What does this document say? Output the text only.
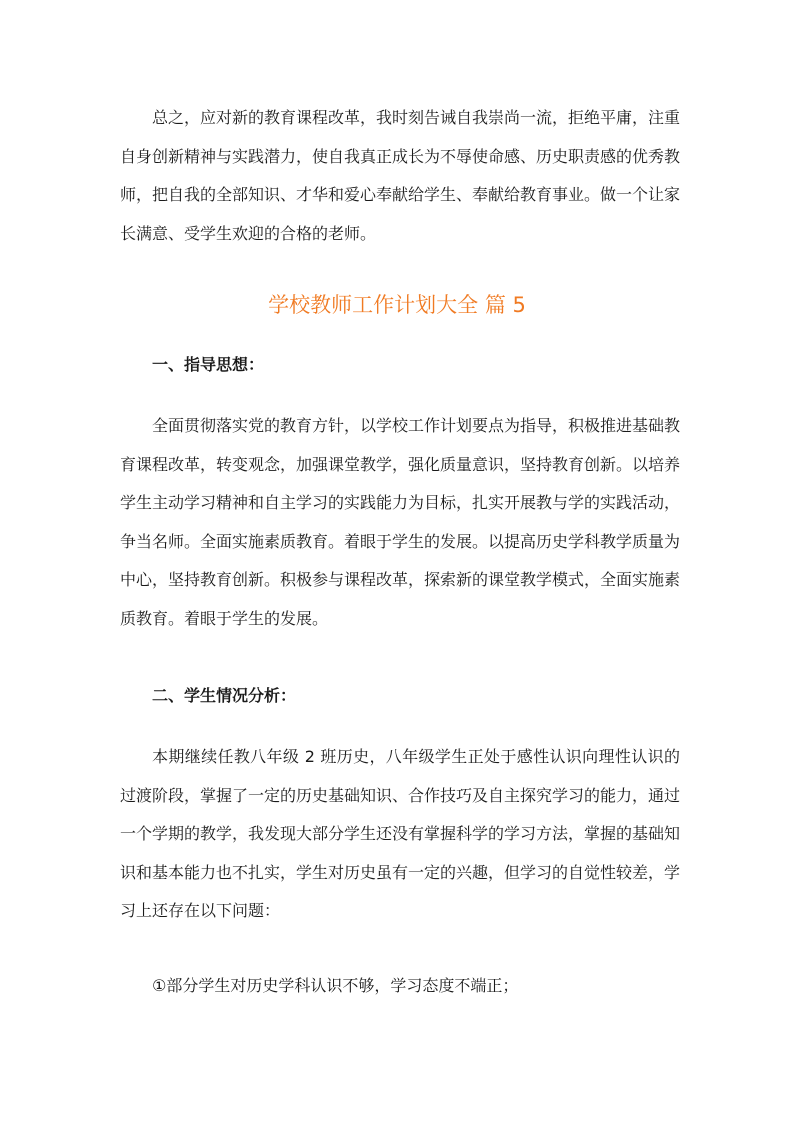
总之，应对新的教育课程改革，我时刻告诫自我崇尚一流，拒绝平庸，注重自身创新精神与实践潜力，使自我真正成长为不辱使命感、历史职责感的优秀教师，把自我的全部知识、才华和爱心奉献给学生、奉献给教育事业。做一个让家长满意、受学生欢迎的合格的老师。

学校教师工作计划大全 篇 5

一、指导思想：

全面贯彻落实党的教育方针，以学校工作计划要点为指导，积极推进基础教育课程改革，转变观念，加强课堂教学，强化质量意识，坚持教育创新。以培养学生主动学习精神和自主学习的实践能力为目标，扎实开展教与学的实践活动，争当名师。全面实施素质教育。着眼于学生的发展。以提高历史学科教学质量为中心，坚持教育创新。积极参与课程改革，探索新的课堂教学模式，全面实施素质教育。着眼于学生的发展。

二、学生情况分析：

本期继续任教八年级 2 班历史，八年级学生正处于感性认识向理性认识的过渡阶段，掌握了一定的历史基础知识、合作技巧及自主探究学习的能力，通过一个学期的教学，我发现大部分学生还没有掌握科学的学习方法，掌握的基础知识和基本能力也不扎实，学生对历史虽有一定的兴趣，但学习的自觉性较差，学习上还存在以下问题：

①部分学生对历史学科认识不够，学习态度不端正；
